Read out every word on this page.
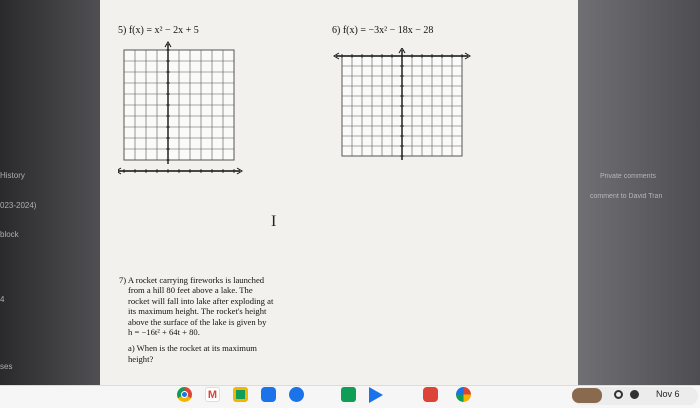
History
023-2024)
block
4
ses
Private comments
comment to David Tran
5) f(x) = x² − 2x + 5	6) f(x) = −3x² − 18x − 28
I

7) A rocket carrying fireworks is launched

from a hill 80 feet above a lake. The

rocket will fall into lake after exploding at

its maximum height. The rocket's height

above the surface of the lake is given by

h = −16t² + 64t + 80.

a) When is the rocket at its maximum

height?

M	Nov 6
